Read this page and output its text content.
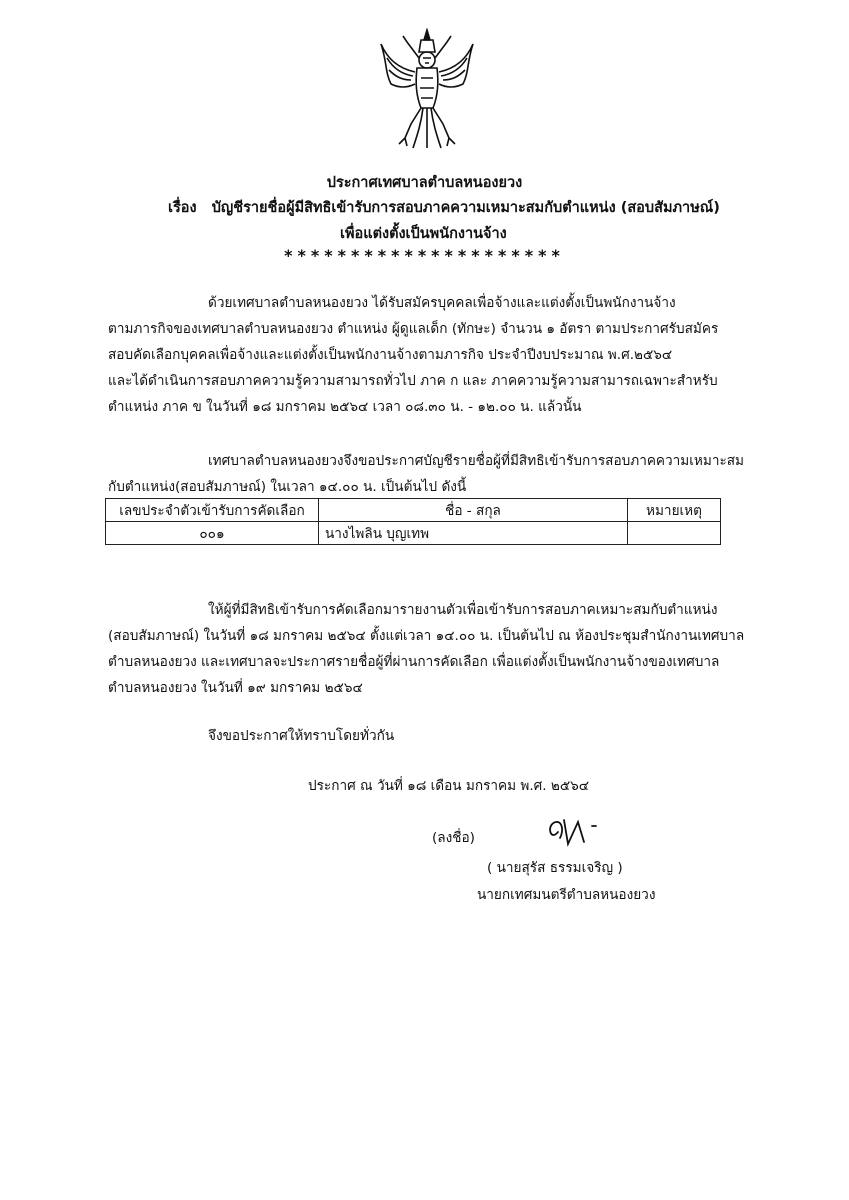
ประกาศเทศบาลตำบลหนองยวง
เรื่อง บัญชีรายชื่อผู้มีสิทธิเข้ารับการสอบภาคความเหมาะสมกับตำแหน่ง (สอบสัมภาษณ์)
เพื่อแต่งตั้งเป็นพนักงานจ้าง
*********************
ด้วยเทศบาลตำบลหนองยวง ได้รับสมัครบุคคลเพื่อจ้างและแต่งตั้งเป็นพนักงานจ้าง
ตามภารกิจของเทศบาลตำบลหนองยวง ตำแหน่ง ผู้ดูแลเด็ก (ทักษะ) จำนวน ๑ อัตรา ตามประกาศรับสมัคร
สอบคัดเลือกบุคคลเพื่อจ้างและแต่งตั้งเป็นพนักงานจ้างตามภารกิจ ประจำปีงบประมาณ พ.ศ.๒๕๖๔
และได้ดำเนินการสอบภาคความรู้ความสามารถทั่วไป ภาค ก และ ภาคความรู้ความสามารถเฉพาะสำหรับ
ตำแหน่ง ภาค ข ในวันที่ ๑๘ มกราคม ๒๕๖๔ เวลา ๐๘.๓๐ น. - ๑๒.๐๐ น. แล้วนั้น
เทศบาลตำบลหนองยวงจึงขอประกาศบัญชีรายชื่อผู้ที่มีสิทธิเข้ารับการสอบภาคความเหมาะสม
กับตำแหน่ง(สอบสัมภาษณ์) ในเวลา ๑๔.๐๐ น. เป็นต้นไป ดังนี้
เลขประจำตัวเข้ารับการคัดเลือก	ชื่อ - สกุล	หมายเหตุ
๐๐๑	นางไพลิน บุญเทพ	
ให้ผู้ที่มีสิทธิเข้ารับการคัดเลือกมารายงานตัวเพื่อเข้ารับการสอบภาคเหมาะสมกับตำแหน่ง
(สอบสัมภาษณ์) ในวันที่ ๑๘ มกราคม ๒๕๖๔ ตั้งแต่เวลา ๑๔.๐๐ น. เป็นต้นไป ณ ห้องประชุมสำนักงานเทศบาล
ตำบลหนองยวง และเทศบาลจะประกาศรายชื่อผู้ที่ผ่านการคัดเลือก เพื่อแต่งตั้งเป็นพนักงานจ้างของเทศบาล
ตำบลหนองยวง ในวันที่ ๑๙ มกราคม ๒๕๖๔
จึงขอประกาศให้ทราบโดยทั่วกัน
ประกาศ ณ วันที่ ๑๘ เดือน มกราคม พ.ศ. ๒๕๖๔
(ลงชื่อ)
( นายสุรัส ธรรมเจริญ )
นายกเทศมนตรีตำบลหนองยวง
